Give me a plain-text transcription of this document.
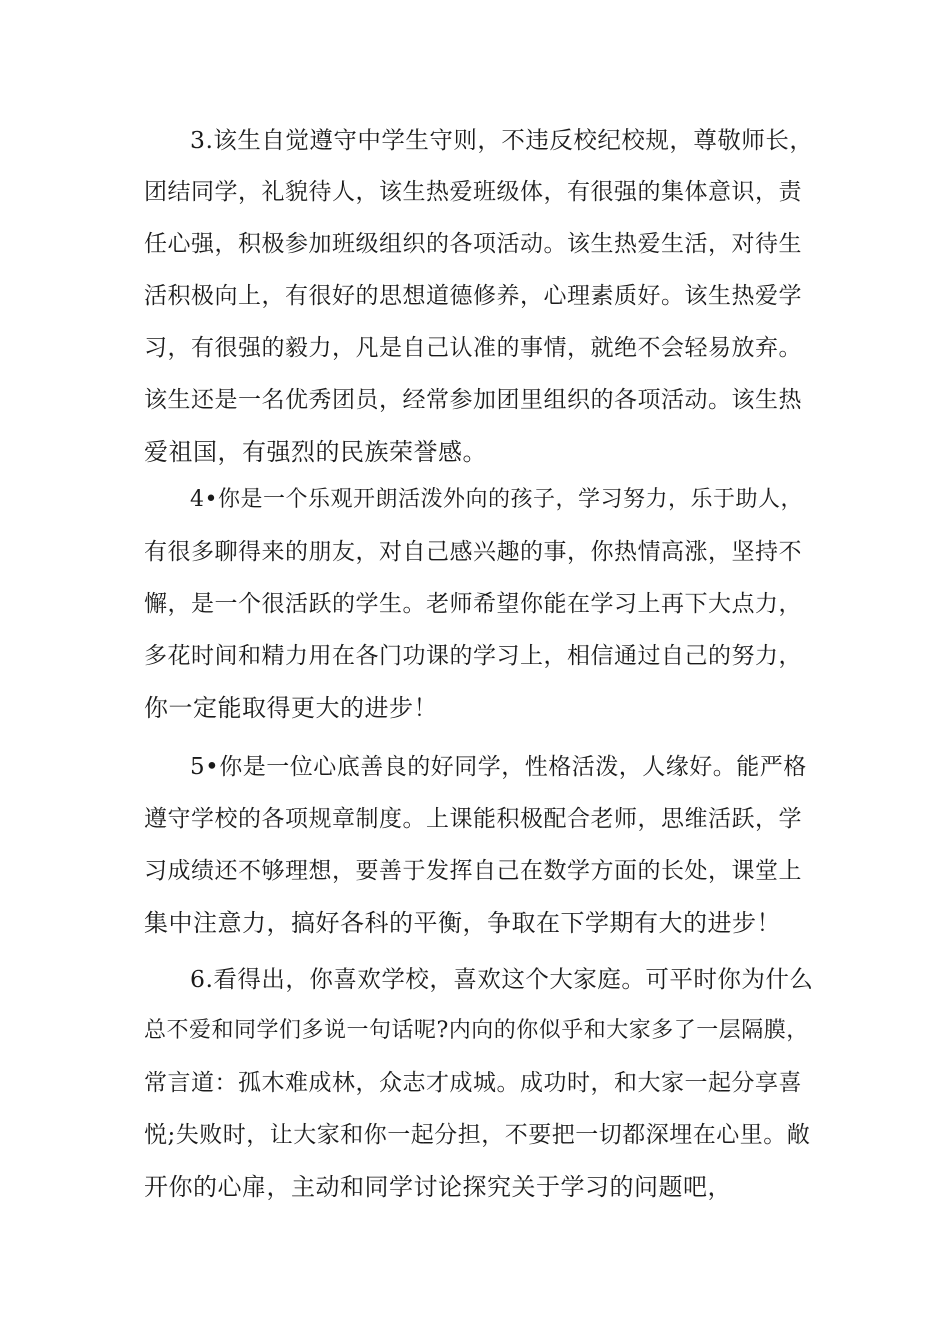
3.该生自觉遵守中学生守则，不违反校纪校规，尊敬师长，
团结同学，礼貌待人，该生热爱班级体，有很强的集体意识，责
任心强，积极参加班级组织的各项活动。该生热爱生活，对待生
活积极向上，有很好的思想道德修养，心理素质好。该生热爱学
习，有很强的毅力，凡是自己认准的事情，就绝不会轻易放弃。
该生还是一名优秀团员，经常参加团里组织的各项活动。该生热
爱祖国，有强烈的民族荣誉感。
4•你是一个乐观开朗活泼外向的孩子，学习努力，乐于助人，
有很多聊得来的朋友，对自己感兴趣的事，你热情高涨，坚持不
懈，是一个很活跃的学生。老师希望你能在学习上再下大点力，
多花时间和精力用在各门功课的学习上，相信通过自己的努力，
你一定能取得更大的进步！
5•你是一位心底善良的好同学，性格活泼，人缘好。能严格
遵守学校的各项规章制度。上课能积极配合老师，思维活跃，学
习成绩还不够理想，要善于发挥自己在数学方面的长处，课堂上
集中注意力，搞好各科的平衡，争取在下学期有大的进步！
6.看得出，你喜欢学校，喜欢这个大家庭。可平时你为什么
总不爱和同学们多说一句话呢?内向的你似乎和大家多了一层隔膜，
常言道：孤木难成林，众志才成城。成功时，和大家一起分享喜
悦;失败时，让大家和你一起分担，不要把一切都深埋在心里。敞
开你的心扉，主动和同学讨论探究关于学习的问题吧，
